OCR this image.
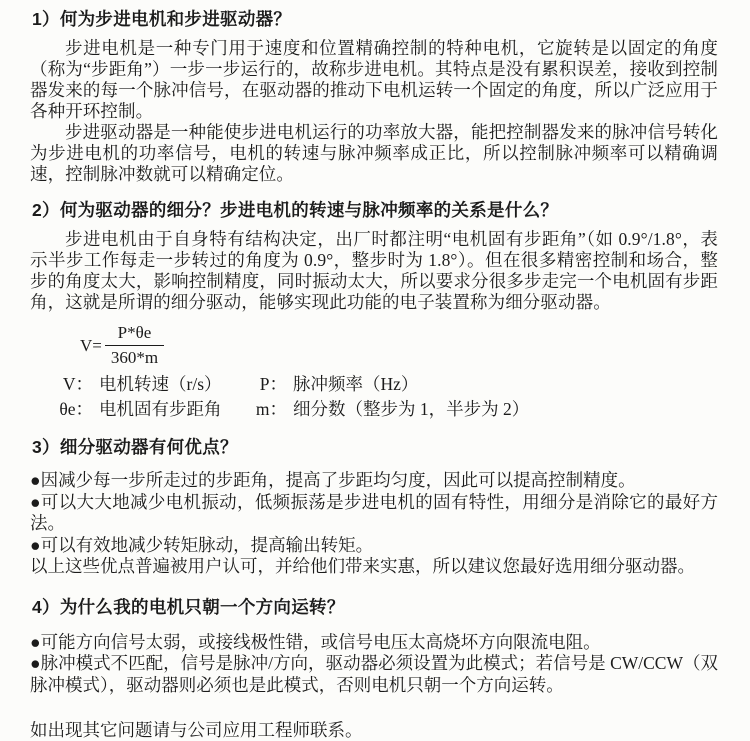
1）何为步进电机和步进驱动器？

步进电机是一种专门用于速度和位置精确控制的特种电机，它旋转是以固定的角度（称为“步距角”）一步一步运行的，故称步进电机。其特点是没有累积误差，接收到控制器发来的每一个脉冲信号，在驱动器的推动下电机运转一个固定的角度，所以广泛应用于各种开环控制。

步进驱动器是一种能使步进电机运行的功率放大器，能把控制器发来的脉冲信号转化为步进电机的功率信号，电机的转速与脉冲频率成正比，所以控制脉冲频率可以精确调速，控制脉冲数就可以精确定位。

2）何为驱动器的细分？步进电机的转速与脉冲频率的关系是什么？

步进电机由于自身特有结构决定，出厂时都注明“电机固有步距角”（如 0.9°/1.8°，表示半步工作每走一步转过的角度为 0.9°，整步时为 1.8°）。但在很多精密控制和场合，整步的角度太大，影响控制精度，同时振动太大，所以要求分很多步走完一个电机固有步距角，这就是所谓的细分驱动，能够实现此功能的电子装置称为细分驱动器。

$V= \frac{P*\theta e}{360*m}$
V： 电机转速（r/s） P： 脉冲频率（Hz）
θe： 电机固有步距角 m： 细分数（整步为 1，半步为 2）
3）细分驱动器有何优点？

●因减少每一步所走过的步距角，提高了步距均匀度，因此可以提高控制精度。

●可以大大地减少电机振动，低频振荡是步进电机的固有特性，用细分是消除它的最好方法。

●可以有效地减少转矩脉动，提高输出转矩。

以上这些优点普遍被用户认可，并给他们带来实惠，所以建议您最好选用细分驱动器。

4）为什么我的电机只朝一个方向运转？

●可能方向信号太弱，或接线极性错，或信号电压太高烧坏方向限流电阻。

●脉冲模式不匹配，信号是脉冲/方向，驱动器必须设置为此模式；若信号是 CW/CCW（双脉冲模式），驱动器则必须也是此模式，否则电机只朝一个方向运转。

如出现其它问题请与公司应用工程师联系。
